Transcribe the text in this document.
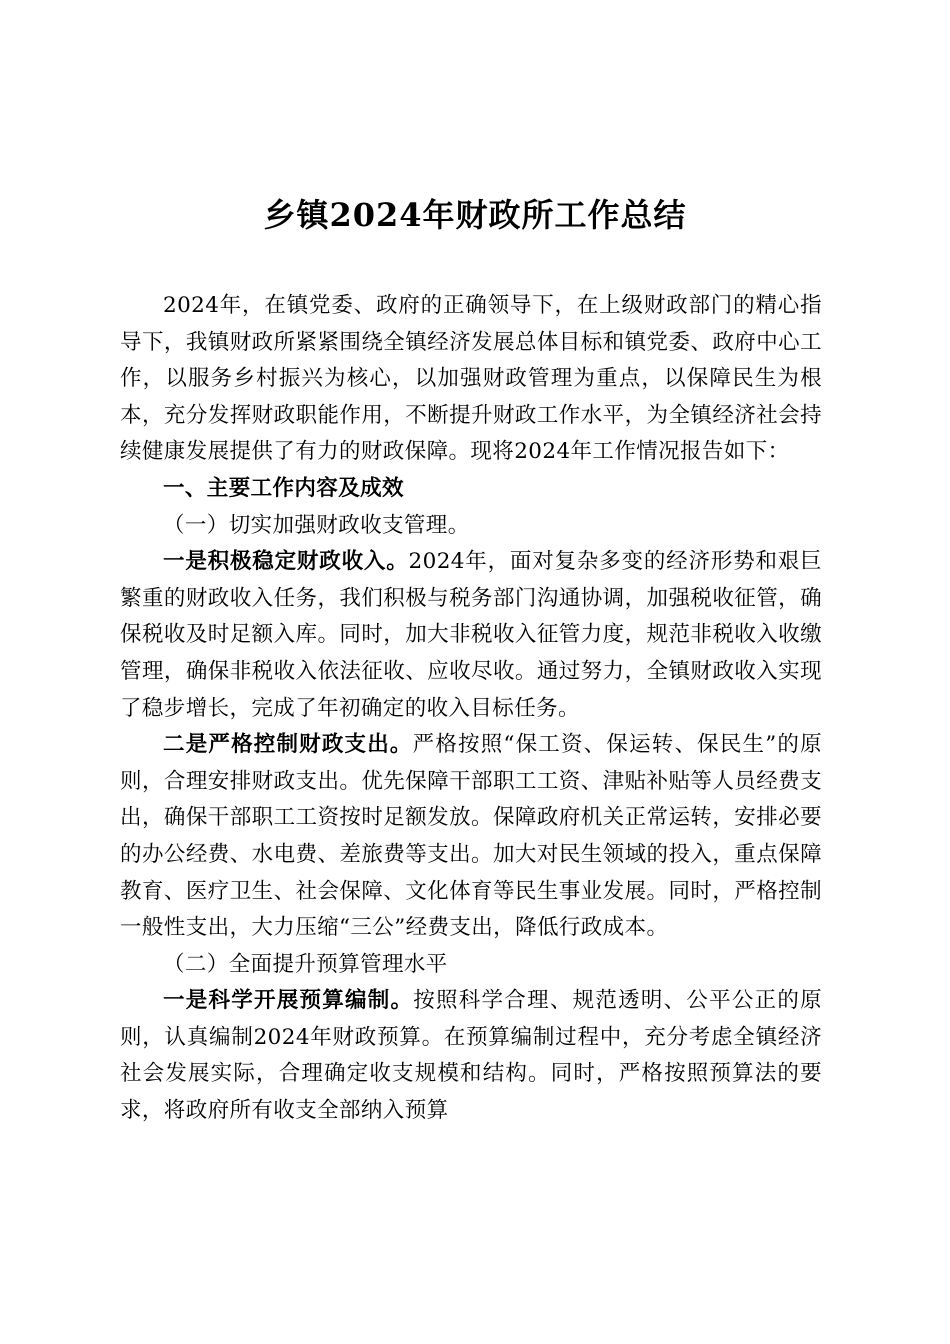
乡镇2024年财政所工作总结

2024年，在镇党委、政府的正确领导下，在上级财政部门的精心指导下，我镇财政所紧紧围绕全镇经济发展总体目标和镇党委、政府中心工作，以服务乡村振兴为核心，以加强财政管理为重点，以保障民生为根本，充分发挥财政职能作用，不断提升财政工作水平，为全镇经济社会持续健康发展提供了有力的财政保障。现将2024年工作情况报告如下：

一、主要工作内容及成效

（一）切实加强财政收支管理。

一是积极稳定财政收入。2024年，面对复杂多变的经济形势和艰巨繁重的财政收入任务，我们积极与税务部门沟通协调，加强税收征管，确保税收及时足额入库。同时，加大非税收入征管力度，规范非税收入收缴管理，确保非税收入依法征收、应收尽收。通过努力，全镇财政收入实现了稳步增长，完成了年初确定的收入目标任务。

二是严格控制财政支出。严格按照“保工资、保运转、保民生”的原则，合理安排财政支出。优先保障干部职工工资、津贴补贴等人员经费支出，确保干部职工工资按时足额发放。保障政府机关正常运转，安排必要的办公经费、水电费、差旅费等支出。加大对民生领域的投入，重点保障教育、医疗卫生、社会保障、文化体育等民生事业发展。同时，严格控制一般性支出，大力压缩“三公”经费支出，降低行政成本。

（二）全面提升预算管理水平

一是科学开展预算编制。按照科学合理、规范透明、公平公正的原则，认真编制2024年财政预算。在预算编制过程中，充分考虑全镇经济社会发展实际，合理确定收支规模和结构。同时，严格按照预算法的要求，将政府所有收支全部纳入预算
